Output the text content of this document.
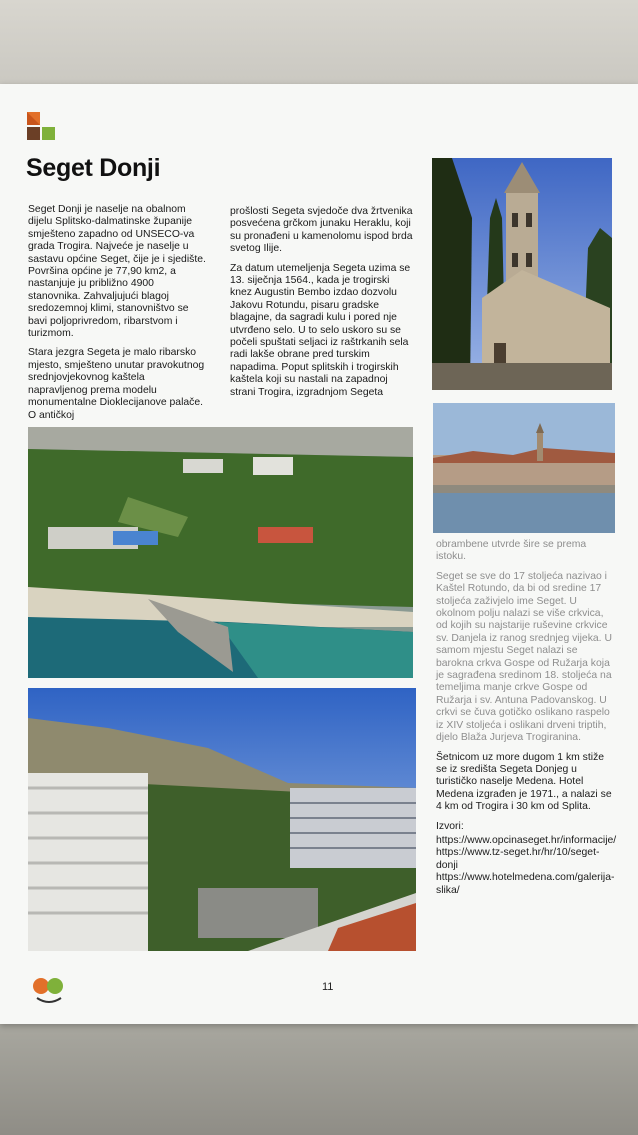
Seget Donji

Seget Donji je naselje na obalnom dijelu Splitsko-dalmatinske županije smješteno zapadno od UNSECO-va grada Trogira. Najveće je naselje u sastavu općine Seget, čije je i sjedište. Površina općine je 77,90 km2, a nastanjuje ju približno 4900 stanovnika. Zahvaljujući blagoj sredozemnoj klimi, stanovništvo se bavi poljoprivredom, ribarstvom i turizmom.

Stara jezgra Segeta je malo ribarsko mjesto, smješteno unutar pravokutnog srednjovjekovnog kaštela napravljenog prema modelu monumentalne Dioklecijanove palače. O antičkoj

prošlosti Segeta svjedoče dva žrtvenika posvećena grčkom junaku Heraklu, koji su pronađeni u kamenolomu ispod brda svetog Ilije.

Za datum utemeljenja Segeta uzima se 13. siječnja 1564., kada je trogirski knez Augustin Bembo izdao dozvolu Jakovu Rotundu, pisaru gradske blagajne, da sagradi kulu i pored nje utvrđeno selo. U to selo uskoro su se počeli spuštati seljaci iz raštrkanih sela radi lakše obrane pred turskim napadima. Poput splitskih i trogirskih kaštela koji su nastali na zapadnoj strani Trogira, izgradnjom Segeta

obrambene utvrde šire se prema istoku.

Seget se sve do 17 stoljeća nazivao i Kaštel Rotundo, da bi od sredine 17 stoljeća zaživjelo ime Seget. U okolnom polju nalazi se više crkvica, od kojih su najstarije ruševine crkvice sv. Danjela iz ranog srednjeg vijeka. U samom mjestu Seget nalazi se barokna crkva Gospe od Ružarja koja je sagrađena sredinom 18. stoljeća na temeljima manje crkve Gospe od Ružarja i sv. Antuna Padovanskog. U crkvi se čuva gotičko oslikano raspelo iz XIV stoljeća i oslikani drveni triptih, djelo Blaža Jurjeva Trogiranina.

Šetnicom uz more dugom 1 km stiže se iz središta Segeta Donjeg u turističko naselje Medena. Hotel Medena izgrađen je 1971., a nalazi se 4 km od Trogira i 30 km od Splita.

Izvori:

https://www.opcinaseget.hr/informacije/

https://www.tz-seget.hr/hr/10/seget-donji

https://www.hotelmedena.com/galerija-slika/

11
